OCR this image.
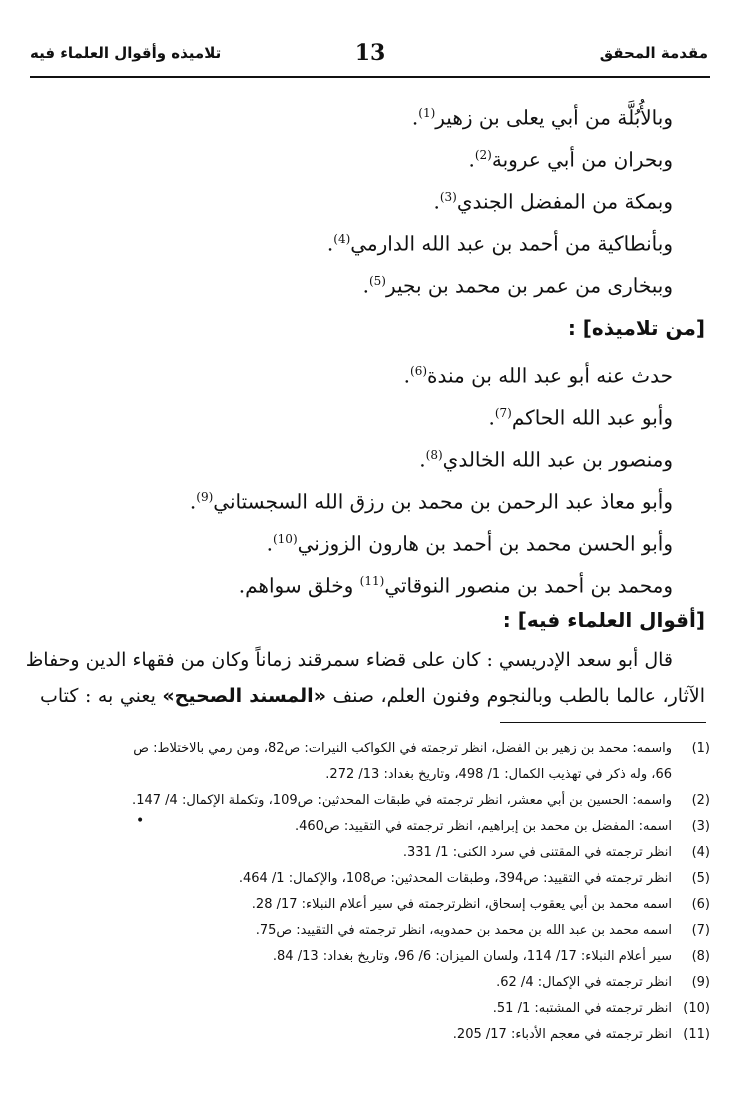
مقدمة المحقق
13
تلاميذه وأقوال العلماء فيه
وبالأُبُلَّة من أبي يعلى بن زهير$^{(1)}$.
وبحران من أبي عروبة$^{(2)}$.
وبمكة من المفضل الجندي$^{(3)}$.
وبأنطاكية من أحمد بن عبد الله الدارمي$^{(4)}$.
وببخارى من عمر بن محمد بن بجير$^{(5)}$.
[من تلاميذه] :
حدث عنه أبو عبد الله بن مندة$^{(6)}$.
وأبو عبد الله الحاكم$^{(7)}$.
ومنصور بن عبد الله الخالدي$^{(8)}$.
وأبو معاذ عبد الرحمن بن محمد بن رزق الله السجستاني$^{(9)}$.
وأبو الحسن محمد بن أحمد بن هارون الزوزني$^{(10)}$.
ومحمد بن أحمد بن منصور النوقاتي$^{(11)}$ وخلق سواهم.
[أقوال العلماء فيه] :
قال أبو سعد الإدريسي : كان على قضاء سمرقند زماناً وكان من فقهاء الدين وحفاظ
الآثار، عالما بالطب وبالنجوم وفنون العلم، صنف «المسند الصحيح» يعني به : كتاب
(1)
واسمه: محمد بن زهير بن الفضل، انظر ترجمته في الكواكب النيرات: ص82، ومن رمي بالاختلاط: ص
66، وله ذكر في تهذيب الكمال: 1/ 498، وتاريخ بغداد: 13/ 272.
(2)
واسمه: الحسين بن أبي معشر، انظر ترجمته في طبقات المحدثين: ص109، وتكملة الإكمال: 4/ 147.
(3)
اسمه: المفضل بن محمد بن إبراهيم، انظر ترجمته في التقييد: ص460.
(4)
انظر ترجمته في المقتنى في سرد الكنى: 1/ 331.
(5)
انظر ترجمته في التقييد: ص394، وطبقات المحدثين: ص108، والإكمال: 1/ 464.
(6)
اسمه محمد بن أبي يعقوب إسحاق، انظرترجمته في سير أعلام النبلاء: 17/ 28.
(7)
اسمه محمد بن عبد الله بن محمد بن حمدويه، انظر ترجمته في التقييد: ص75.
(8)
سير أعلام النبلاء: 17/ 114، ولسان الميزان: 6/ 96، وتاريخ بغداد: 13/ 84.
(9)
انظر ترجمته في الإكمال: 4/ 62.
(10)
انظر ترجمته في المشتبه: 1/ 51.
(11)
انظر ترجمته في معجم الأدباء: 17/ 205.
•
